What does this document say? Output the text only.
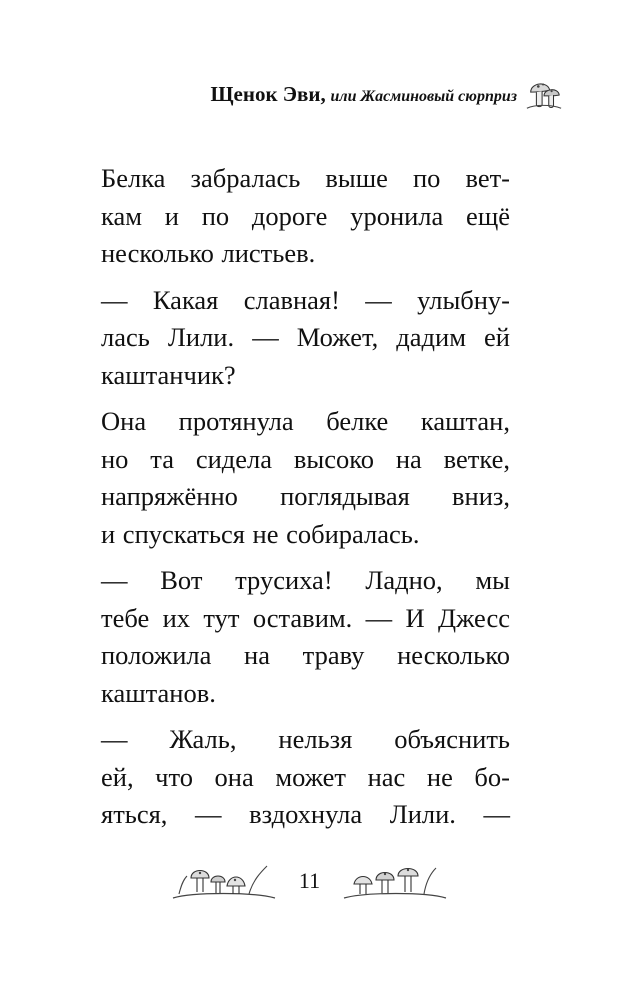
Щенок Эви, или Жасминовый сюрприз

Белка забралась выше по вет-
кам и по дороге уронила ещё
несколько листьев.

— Какая славная! — улыбну-
лась Лили. — Может, дадим ей
каштанчик?

Она протянула белке каштан,
но та сидела высоко на ветке,
напряжённо поглядывая вниз,
и спускаться не собиралась.

— Вот трусиха! Ладно, мы
тебе их тут оставим. — И Джесс
положила на траву несколько
каштанов.

— Жаль, нельзя объяснить
ей, что она может нас не бо-
яться, — вздохнула Лили. —

11
